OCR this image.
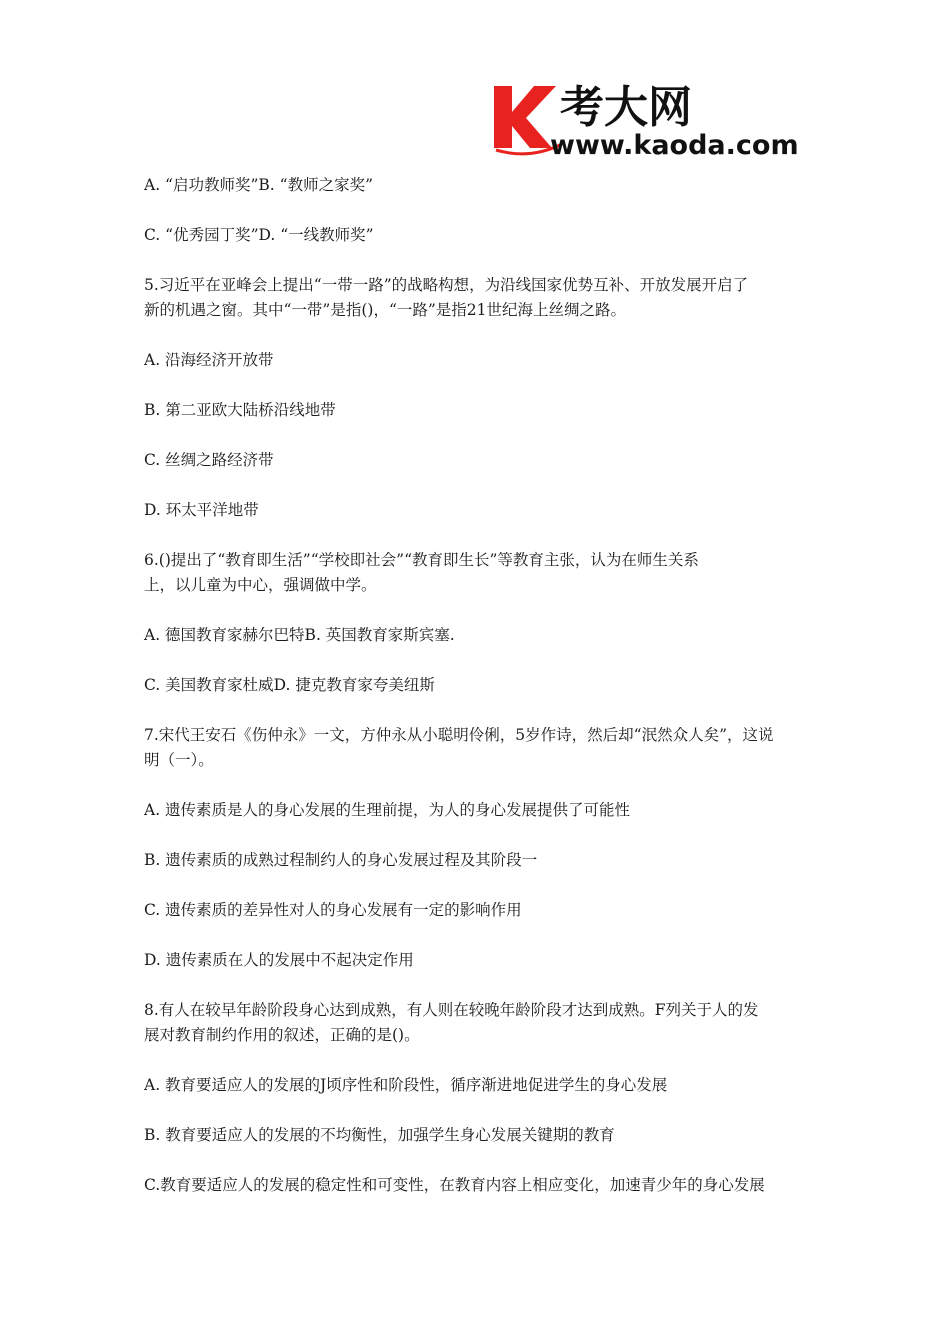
考大网
www.kaoda.com
A. “启功教师奖”B. “教师之家奖”
C. “优秀园丁奖”D. “一线教师奖”
5.习近平在亚峰会上提出“一带一路”的战略构想，为沿线国家优势互补、开放发展开启了
新的机遇之窗。其中“一带”是指()，“一路”是指21世纪海上丝绸之路。
A. 沿海经济开放带
B. 第二亚欧大陆桥沿线地带
C. 丝绸之路经济带
D. 环太平洋地带
6.()提出了“教育即生活”“学校即社会”“教育即生长”等教育主张，认为在师生关系
上，以儿童为中心，强调做中学。
A. 德国教育家赫尔巴特B. 英国教育家斯宾塞.
C. 美国教育家杜威D. 捷克教育家夸美纽斯
7.宋代王安石《伤仲永》一文，方仲永从小聪明伶俐，5岁作诗，然后却“泯然众人矣”，这说
明（一）。
A. 遗传素质是人的身心发展的生理前提，为人的身心发展提供了可能性
B. 遗传素质的成熟过程制约人的身心发展过程及其阶段一
C. 遗传素质的差异性对人的身心发展有一定的影响作用
D. 遗传素质在人的发展中不起决定作用
8.有人在较早年龄阶段身心达到成熟，有人则在较晚年龄阶段才达到成熟。F列关于人的发
展对教育制约作用的叙述，正确的是()。
A. 教育要适应人的发展的J顷序性和阶段性，循序渐进地促进学生的身心发展
B. 教育要适应人的发展的不均衡性，加强学生身心发展关键期的教育
C.教育要适应人的发展的稳定性和可变性，在教育内容上相应变化，加速青少年的身心发展
